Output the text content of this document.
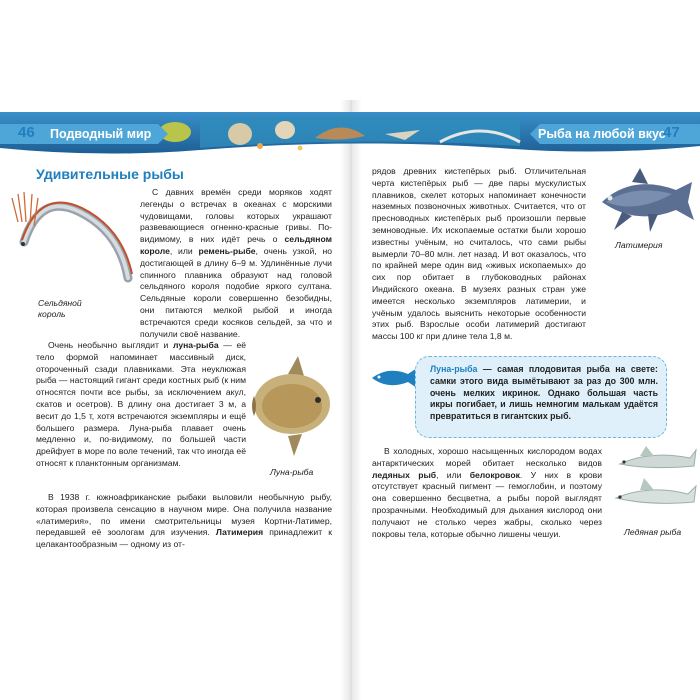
46 Подводный мир	Рыба на любой вкус
47
Удивительные рыбы
Сельдяной король

С давних времён среди моряков ходят легенды о встречах в океанах с морскими чудовищами, головы которых украшают развевающиеся огненно-красные гривы. По-видимому, в них идёт речь о сельдяном короле, или ремень-рыбе, очень узкой, но достигающей в длину 6–9 м. Удлинённые лучи спинного плавника образуют над головой сельдяного короля подобие яркого султана. Сельдяные короли совершенно безобидны, они питаются мелкой рыбой и иногда встречаются среди косяков сельдей, за что и получили своё название.

Очень необычно выглядит и луна-рыба — её тело формой напоминает массивный диск, отороченный сзади плавниками. Эта неуклюжая рыба — настоящий гигант среди костных рыб (к ним относятся почти все рыбы, за исключением акул, скатов и осетров). В длину она достигает 3 м, а весит до 1,5 т, хотя встречаются экземпляры и ещё большего размера. Луна-рыба плавает очень медленно и, по-видимому, по большей части дрейфует в море по воле течений, так что иногда её относят к планктонным организмам.

Луна-рыба

В 1938 г. южноафриканские рыбаки выловили необычную рыбу, которая произвела сенсацию в научном мире. Она получила название «латимерия», по имени смотрительницы музея Кортни-Латимер, передавшей её зоологам для изучения. Латимерия принадлежит к целакантообразным — одному из от-

рядов древних кистепёрых рыб. Отличительная черта кистепёрых рыб — две пары мускулистых плавников, скелет которых напоминает конечности наземных позвоночных животных. Считается, что от пресноводных кистепёрых рыб произошли первые земноводные. Их ископаемые остатки были хорошо известны учёным, но считалось, что сами рыбы вымерли 70–80 млн. лет назад. И вот оказалось, что по крайней мере один вид «живых ископаемых» до сих пор обитает в глубоководных районах Индийского океана. В музеях разных стран уже имеется несколько экземпляров латимерии, и учёным удалось выяснить некоторые особенности этих рыб. Взрослые особи латимерий достигают массы 100 кг при длине тела 1,8 м.

Латимерия
Луна-рыба — самая плодовитая рыба на свете: самки этого вида вымётывают за раз до 300 млн. очень мелких икринок. Однако большая часть икры погибает, и лишь немногим малькам удаётся превратиться в гигантских рыб.

В холодных, хорошо насыщенных кислородом водах антарктических морей обитает несколько видов ледяных рыб, или белокровок. У них в крови отсутствует красный пигмент — гемоглобин, и поэтому она совершенно бесцветна, а рыбы порой выглядят прозрачными. Необходимый для дыхания кислород они получают не столько через жабры, сколько через покровы тела, которые обычно лишены чешуи.	Ледяная рыба
